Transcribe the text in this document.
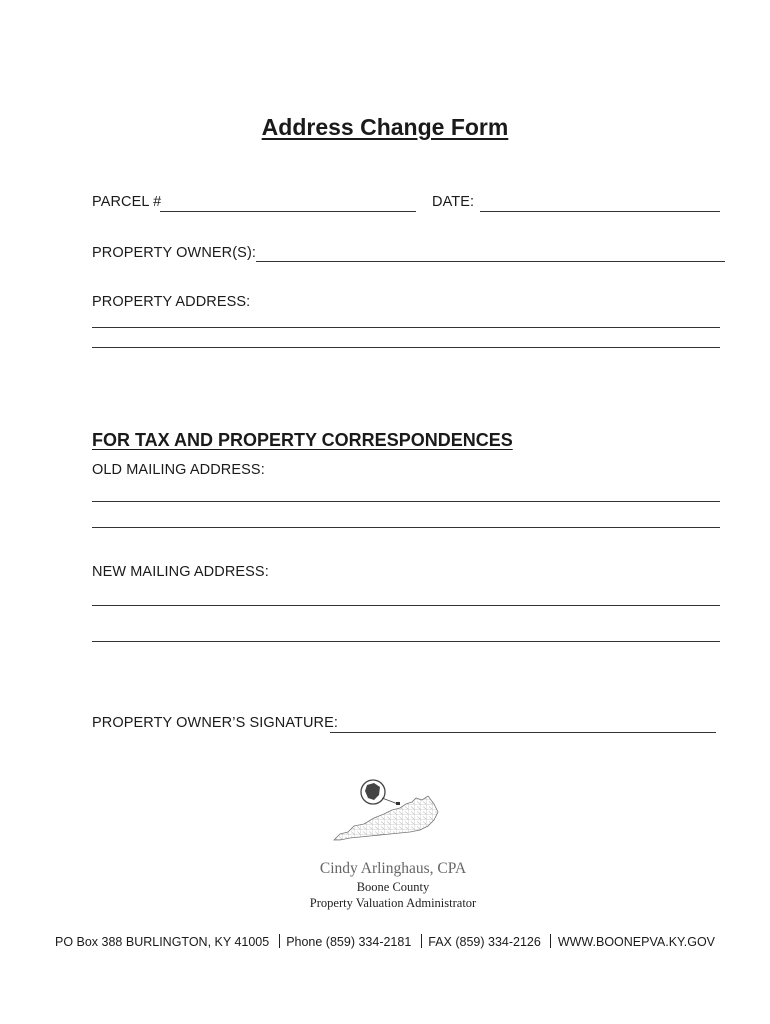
Address Change Form
PARCEL #	DATE:
PROPERTY OWNER(S):
PROPERTY ADDRESS:
FOR TAX AND PROPERTY CORRESPONDENCES
OLD MAILING ADDRESS:
NEW MAILING ADDRESS:
PROPERTY OWNER’S SIGNATURE:
Cindy Arlinghaus, CPA
Boone County
Property Valuation Administrator
PO Box 388 BURLINGTON, KY 41005 Phone (859) 334-2181 FAX (859) 334-2126 WWW.BOONEPVA.KY.GOV
